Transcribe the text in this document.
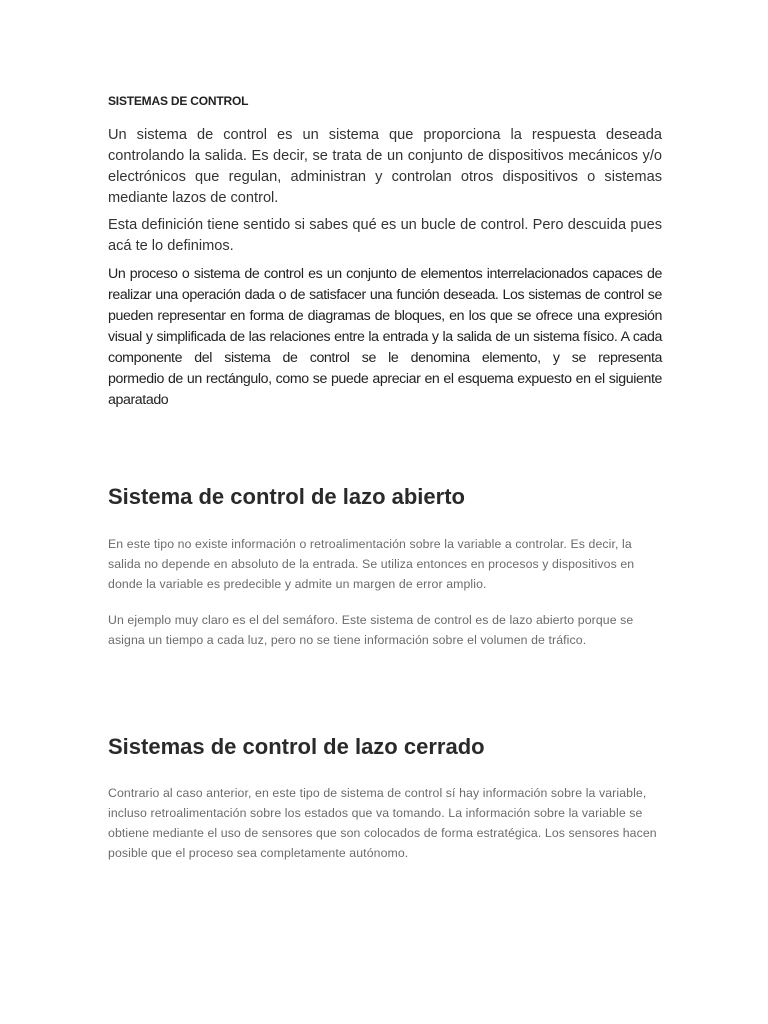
SISTEMAS DE CONTROL
Un sistema de control es un sistema que proporciona la respuesta deseada
controlando la salida. Es decir, se trata de un conjunto de dispositivos mecánicos y/o
electrónicos que regulan, administran y controlan otros dispositivos o sistemas
mediante lazos de control.
Esta definición tiene sentido si sabes qué es un bucle de control. Pero descuida pues
acá te lo definimos.
Un proceso o sistema de control es un conjunto de elementos interrelacionados capaces de
realizar una operación dada o de satisfacer una función deseada. Los sistemas de control se
pueden representar en forma de diagramas de bloques, en los que se ofrece una expresión
visual y simplificada de las relaciones entre la entrada y la salida de un sistema físico. A cada
componente del sistema de control se le denomina elemento, y se representa
pormedio de un rectángulo, como se puede apreciar en el esquema expuesto en el siguiente
aparatado
Sistema de control de lazo abierto
En este tipo no existe información o retroalimentación sobre la variable a controlar. Es decir, la
salida no depende en absoluto de la entrada. Se utiliza entonces en procesos y dispositivos en
donde la variable es predecible y admite un margen de error amplio.
Un ejemplo muy claro es el del semáforo. Este sistema de control es de lazo abierto porque se
asigna un tiempo a cada luz, pero no se tiene información sobre el volumen de tráfico.
Sistemas de control de lazo cerrado
Contrario al caso anterior, en este tipo de sistema de control sí hay información sobre la variable,
incluso retroalimentación sobre los estados que va tomando. La información sobre la variable se
obtiene mediante el uso de sensores que son colocados de forma estratégica. Los sensores hacen
posible que el proceso sea completamente autónomo.
